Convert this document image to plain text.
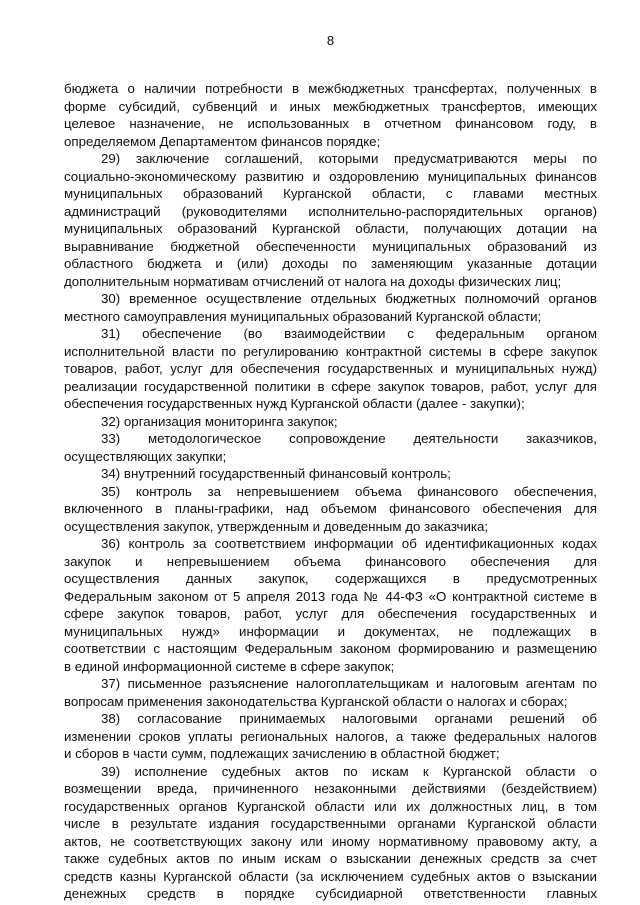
8
бюджета о наличии потребности в межбюджетных трансфертах, полученных в
форме субсидий, субвенций и иных межбюджетных трансфертов, имеющих
целевое назначение, не использованных в отчетном финансовом году, в
определяемом Департаментом финансов порядке;
29) заключение соглашений, которыми предусматриваются меры по
социально-экономическому развитию и оздоровлению муниципальных финансов
муниципальных образований Курганской области, с главами местных
администраций (руководителями исполнительно-распорядительных органов)
муниципальных образований Курганской области, получающих дотации на
выравнивание бюджетной обеспеченности муниципальных образований из
областного бюджета и (или) доходы по заменяющим указанные дотации
дополнительным нормативам отчислений от налога на доходы физических лиц;
30) временное осуществление отдельных бюджетных полномочий органов
местного самоуправления муниципальных образований Курганской области;
31) обеспечение (во взаимодействии с федеральным органом
исполнительной власти по регулированию контрактной системы в сфере закупок
товаров, работ, услуг для обеспечения государственных и муниципальных нужд)
реализации государственной политики в сфере закупок товаров, работ, услуг для
обеспечения государственных нужд Курганской области (далее - закупки);
32) организация мониторинга закупок;
33) методологическое сопровождение деятельности заказчиков,
осуществляющих закупки;
34) внутренний государственный финансовый контроль;
35) контроль за непревышением объема финансового обеспечения,
включенного в планы-графики, над объемом финансового обеспечения для
осуществления закупок, утвержденным и доведенным до заказчика;
36) контроль за соответствием информации об идентификационных кодах
закупок и непревышением объема финансового обеспечения для
осуществления данных закупок, содержащихся в предусмотренных
Федеральным законом от 5 апреля 2013 года № 44-ФЗ «О контрактной системе в
сфере закупок товаров, работ, услуг для обеспечения государственных и
муниципальных нужд» информации и документах, не подлежащих в
соответствии с настоящим Федеральным законом формированию и размещению
в единой информационной системе в сфере закупок;
37) письменное разъяснение налогоплательщикам и налоговым агентам по
вопросам применения законодательства Курганской области о налогах и сборах;
38) согласование принимаемых налоговыми органами решений об
изменении сроков уплаты региональных налогов, а также федеральных налогов
и сборов в части сумм, подлежащих зачислению в областной бюджет;
39) исполнение судебных актов по искам к Курганской области о
возмещении вреда, причиненного незаконными действиями (бездействием)
государственных органов Курганской области или их должностных лиц, в том
числе в результате издания государственными органами Курганской области
актов, не соответствующих закону или иному нормативному правовому акту, а
также судебных актов по иным искам о взыскании денежных средств за счет
средств казны Курганской области (за исключением судебных актов о взыскании
денежных средств в порядке субсидиарной ответственности главных
